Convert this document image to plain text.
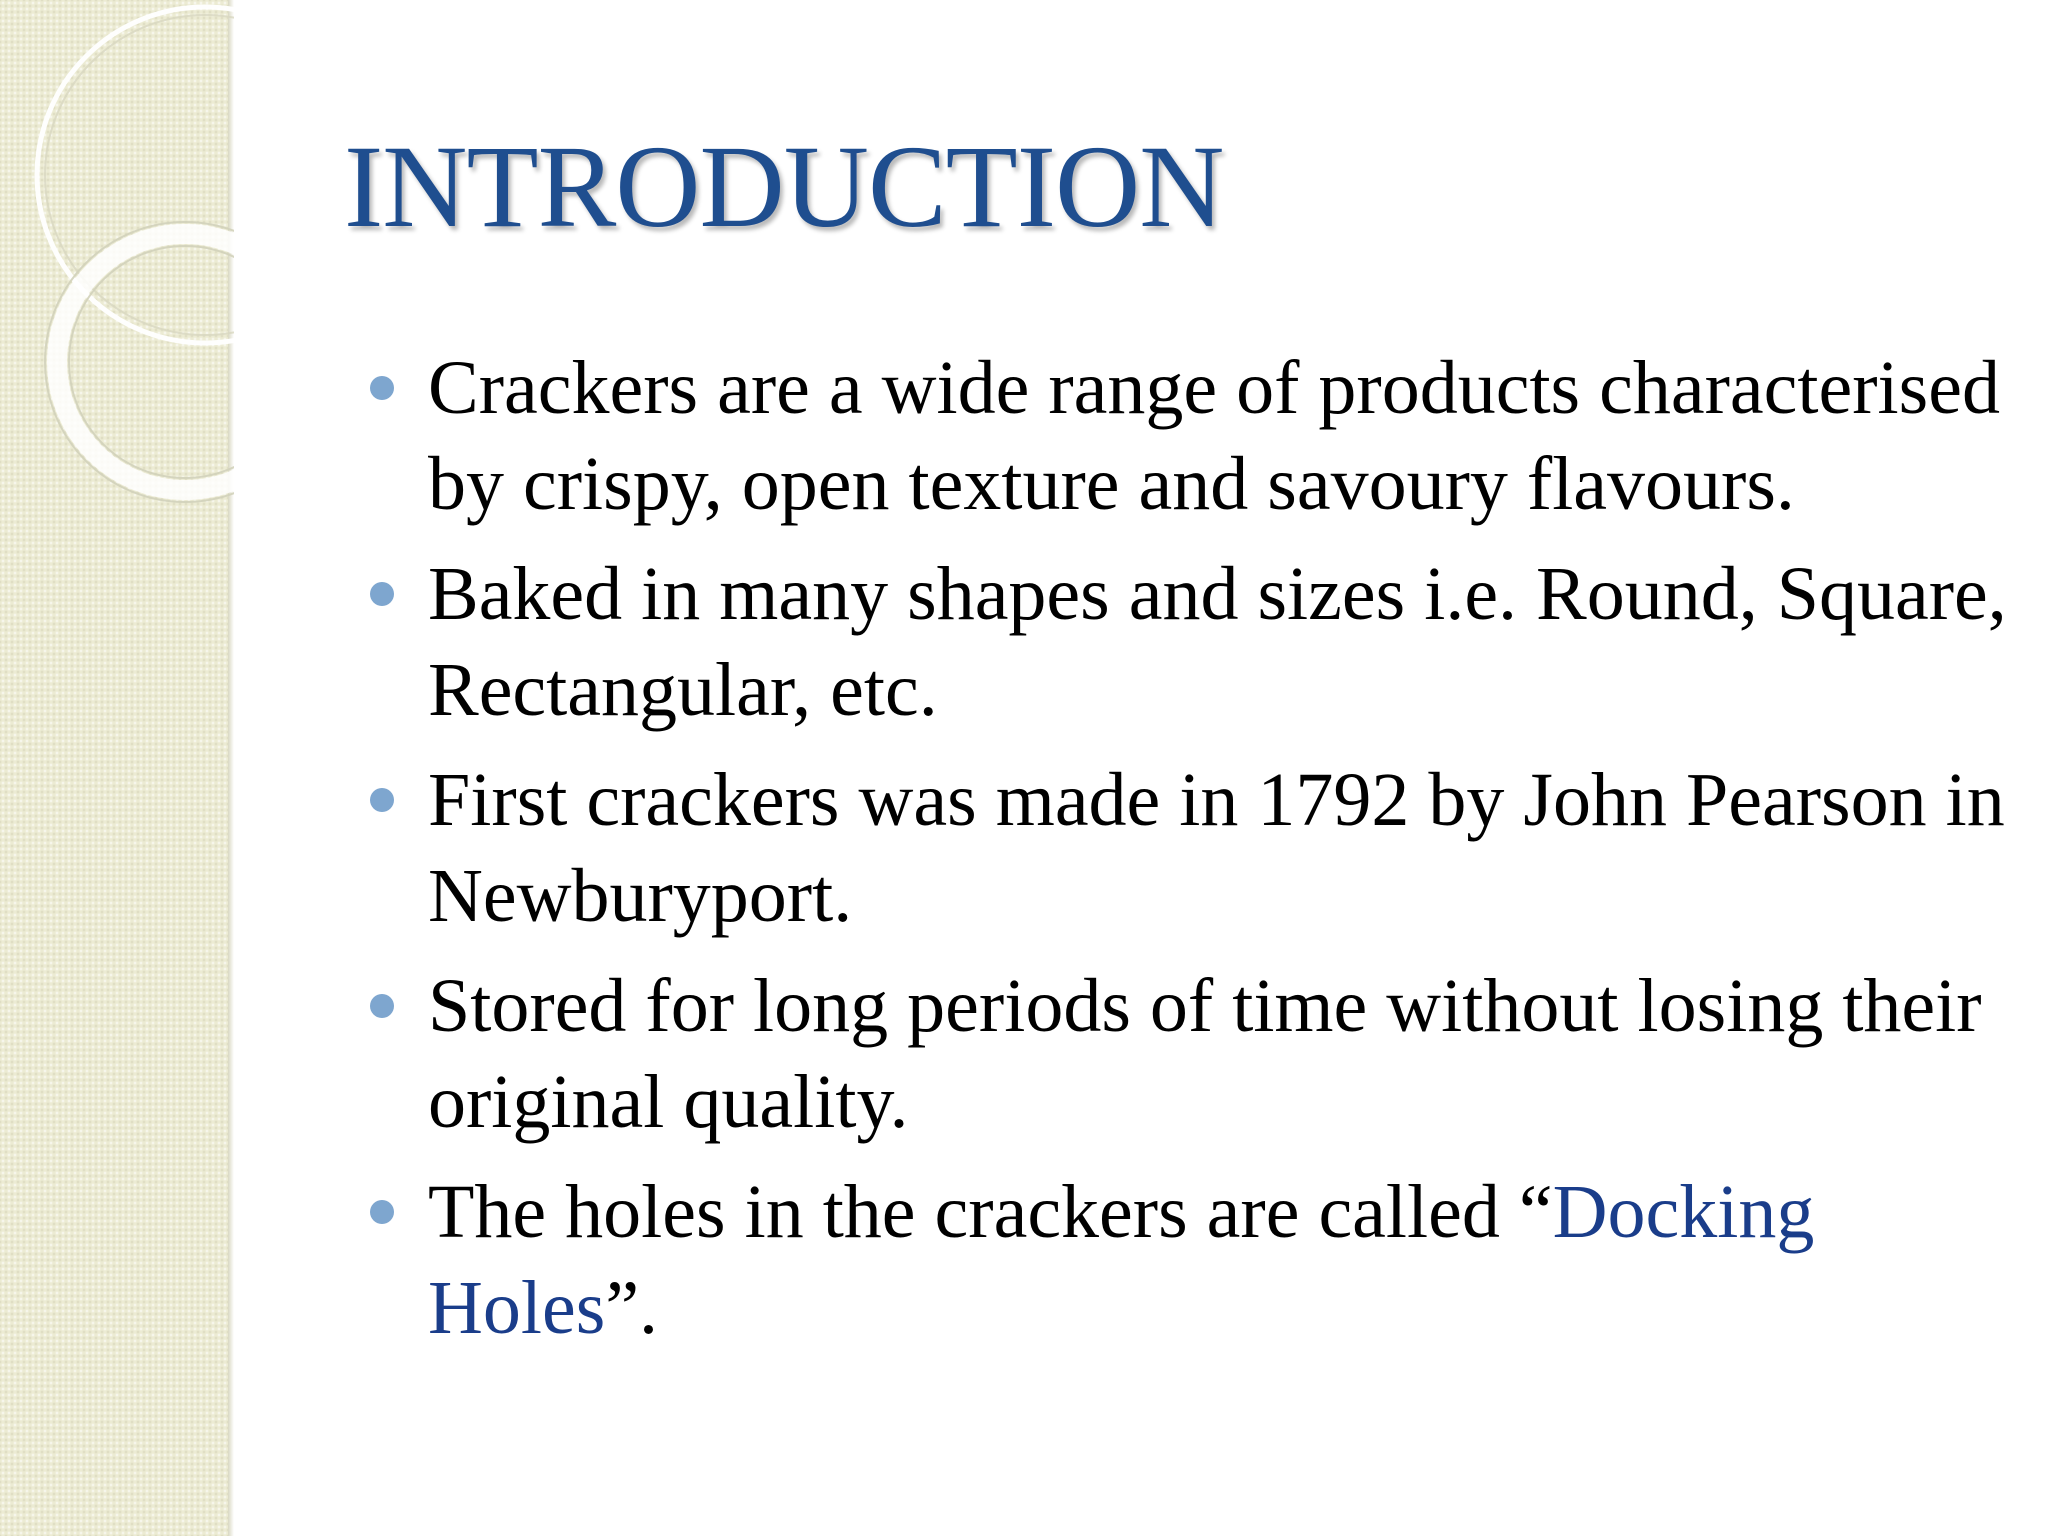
INTRODUCTION
Crackers are a wide range of products characterised by crispy, open texture and savoury flavours.
Baked in many shapes and sizes i.e. Round, Square, Rectangular, etc.
First crackers was made in 1792 by John Pearson in Newburyport.
Stored for long periods of time without losing their original quality.
The holes in the crackers are called “Docking Holes”.
